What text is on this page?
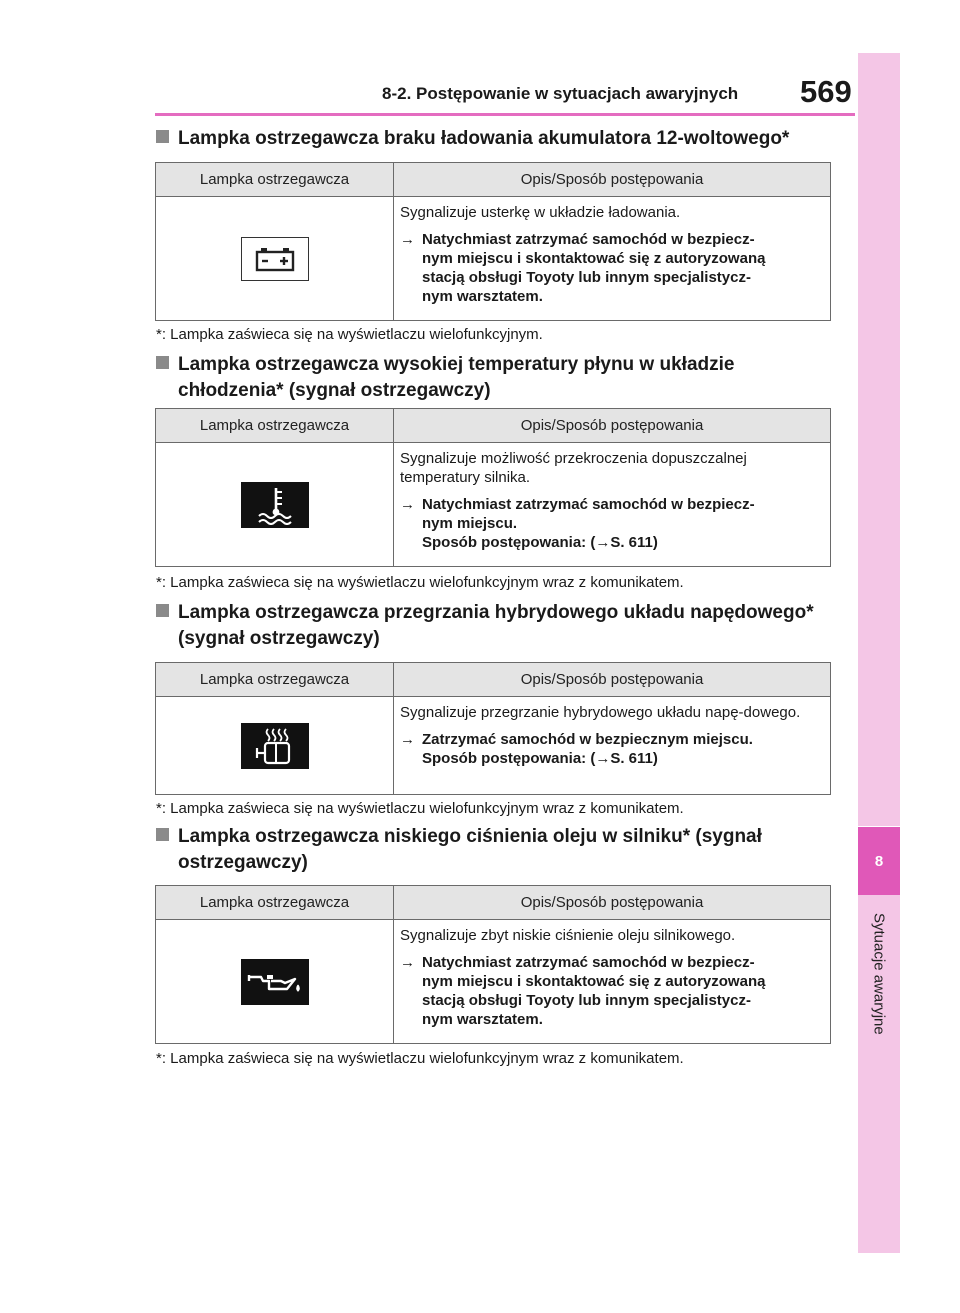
8-2. Postępowanie w sytuacjach awaryjnych 569
8
Sytuacje awaryjne
Lampka ostrzegawcza braku ładowania akumulatora 12-woltowego*
Lampka ostrzegawcza	Opis/Sposób postępowania

Sygnalizuje usterkę w układzie ładowania.

→ Natychmiast zatrzymać samochód w bezpiecz-
nym miejscu i skontaktować się z autoryzowaną
stacją obsługi Toyoty lub innym specjalistycz-
nym warsztatem.

*: Lampka zaświeca się na wyświetlaczu wielofunkcyjnym.
Lampka ostrzegawcza wysokiej temperatury płynu w układzie
chłodzenia* (sygnał ostrzegawczy)
Lampka ostrzegawcza	Opis/Sposób postępowania

Sygnalizuje możliwość przekroczenia dopuszczalnej temperatury silnika.

→ Natychmiast zatrzymać samochód w bezpiecz-
nym miejscu.
Sposób postępowania: (→S. 611)

*: Lampka zaświeca się na wyświetlaczu wielofunkcyjnym wraz z komunikatem.
Lampka ostrzegawcza przegrzania hybrydowego układu napędowego*
(sygnał ostrzegawczy)
Lampka ostrzegawcza	Opis/Sposób postępowania

Sygnalizuje przegrzanie hybrydowego układu napę-dowego.

→ Zatrzymać samochód w bezpiecznym miejscu.
Sposób postępowania: (→S. 611)

*: Lampka zaświeca się na wyświetlaczu wielofunkcyjnym wraz z komunikatem.
Lampka ostrzegawcza niskiego ciśnienia oleju w silniku* (sygnał
ostrzegawczy)
Lampka ostrzegawcza	Opis/Sposób postępowania

Sygnalizuje zbyt niskie ciśnienie oleju silnikowego.

→ Natychmiast zatrzymać samochód w bezpiecz-
nym miejscu i skontaktować się z autoryzowaną
stacją obsługi Toyoty lub innym specjalistycz-
nym warsztatem.

*: Lampka zaświeca się na wyświetlaczu wielofunkcyjnym wraz z komunikatem.
